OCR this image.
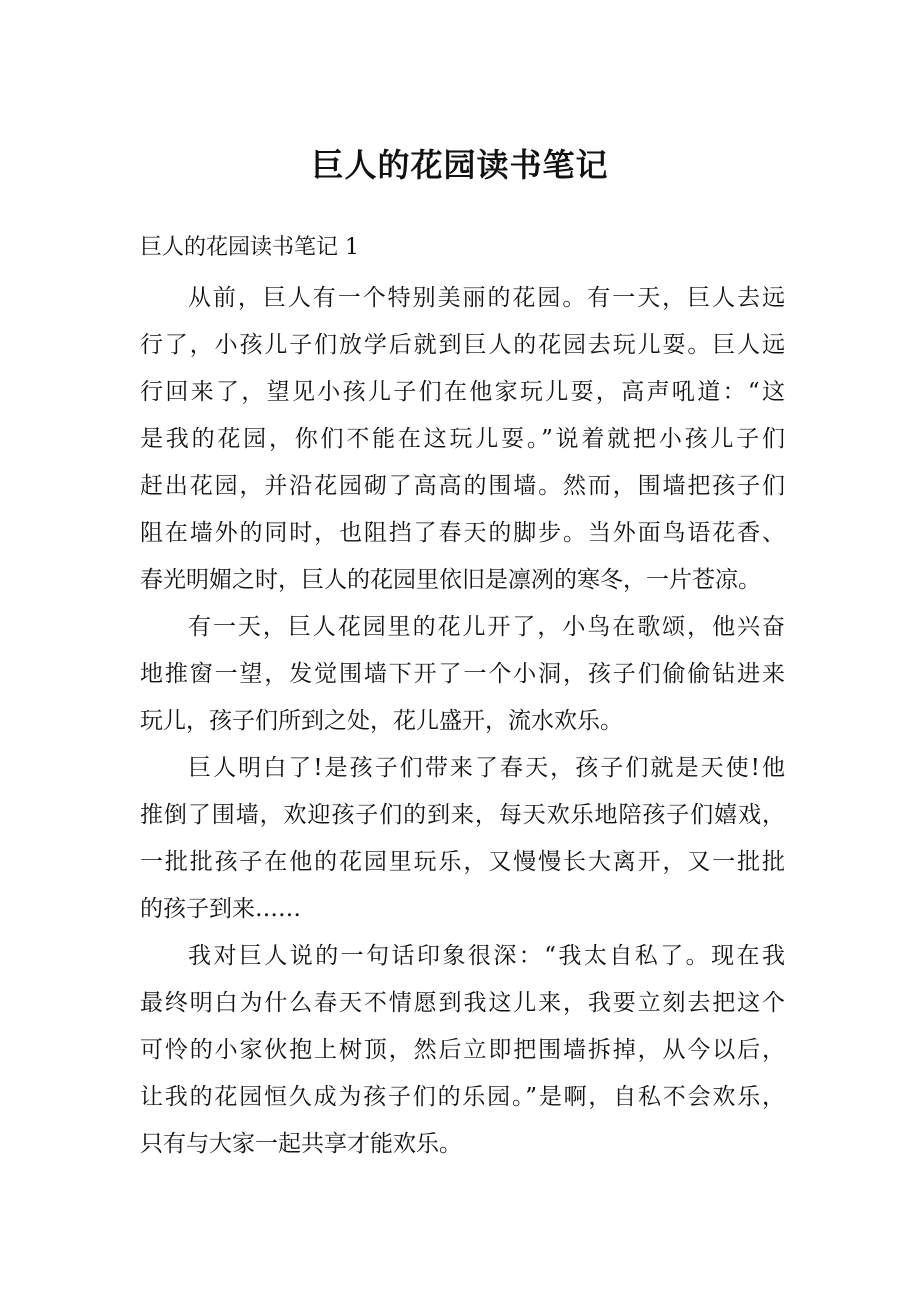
巨人的花园读书笔记
巨人的花园读书笔记 1
从前，巨人有一个特别美丽的花园。有一天，巨人去远
行了，小孩儿子们放学后就到巨人的花园去玩儿耍。巨人远
行回来了，望见小孩儿子们在他家玩儿耍，高声吼道：“这
是我的花园，你们不能在这玩儿耍。”说着就把小孩儿子们
赶出花园，并沿花园砌了高高的围墙。然而，围墙把孩子们
阻在墙外的同时，也阻挡了春天的脚步。当外面鸟语花香、
春光明媚之时，巨人的花园里依旧是凛冽的寒冬，一片苍凉。
有一天，巨人花园里的花儿开了，小鸟在歌颂，他兴奋
地推窗一望，发觉围墙下开了一个小洞，孩子们偷偷钻进来
玩儿，孩子们所到之处，花儿盛开，流水欢乐。
巨人明白了!是孩子们带来了春天，孩子们就是天使!他
推倒了围墙，欢迎孩子们的到来，每天欢乐地陪孩子们嬉戏，
一批批孩子在他的花园里玩乐，又慢慢长大离开，又一批批
的孩子到来……
我对巨人说的一句话印象很深：“我太自私了。现在我
最终明白为什么春天不情愿到我这儿来，我要立刻去把这个
可怜的小家伙抱上树顶，然后立即把围墙拆掉，从今以后，
让我的花园恒久成为孩子们的乐园。”是啊，自私不会欢乐，
只有与大家一起共享才能欢乐。
